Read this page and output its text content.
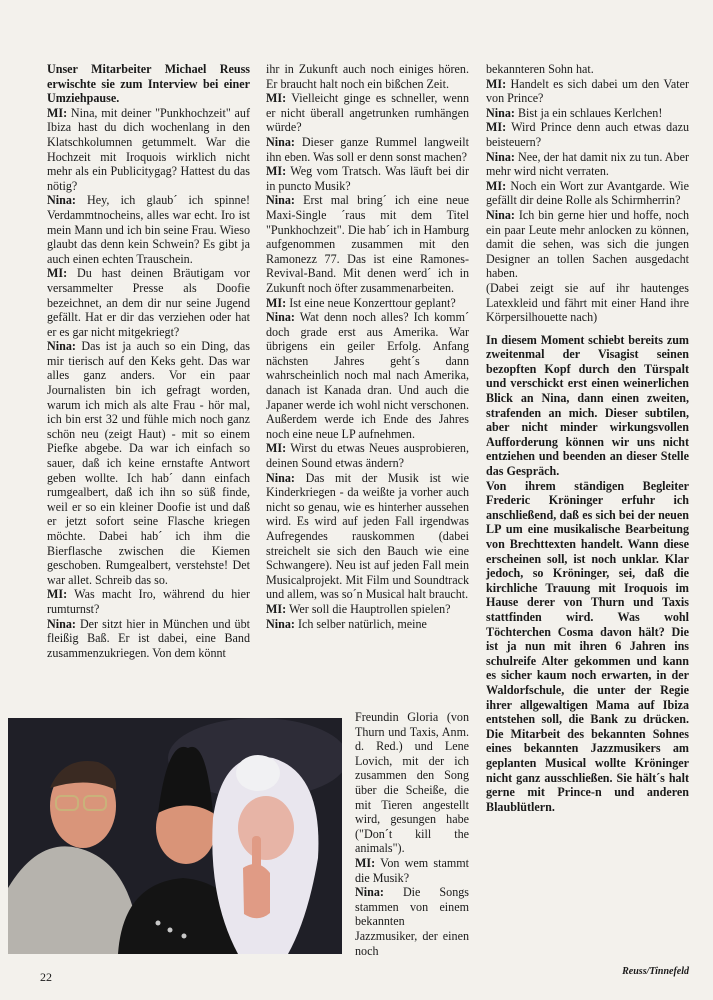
Unser Mitarbeiter Michael Reuss erwischte sie zum Interview bei einer Umziehpause.

MI: Nina, mit deiner "Punkhochzeit" auf Ibiza hast du dich wochenlang in den Klatschkolumnen getummelt. War die Hochzeit mit Iroquois wirklich nicht mehr als ein Publicitygag? Hattest du das nötig?

Nina: Hey, ich glaub´ ich spinne! Verdammtnocheins, alles war echt. Iro ist mein Mann und ich bin seine Frau. Wieso glaubt das denn kein Schwein? Es gibt ja auch einen echten Trauschein.

MI: Du hast deinen Bräutigam vor versammelter Presse als Doofie bezeichnet, an dem dir nur seine Jugend gefällt. Hat er dir das verziehen oder hat er es gar nicht mitgekriegt?

Nina: Das ist ja auch so ein Ding, das mir tierisch auf den Keks geht. Das war alles ganz anders. Vor ein paar Journalisten bin ich gefragt worden, warum ich mich als alte Frau - hör mal, ich bin erst 32 und fühle mich noch ganz schön neu (zeigt Haut) - mit so einem Piefke abgebe. Da war ich einfach so sauer, daß ich keine ernstafte Antwort geben wollte. Ich hab´ dann einfach rumgealbert, daß ich ihn so süß finde, weil er so ein kleiner Doofie ist und daß er jetzt sofort seine Flasche kriegen möchte. Dabei hab´ ich ihm die Bierflasche zwischen die Kiemen geschoben. Rumgealbert, verstehste! Det war allet. Schreib das so.

MI: Was macht Iro, während du hier rumturnst?

Nina: Der sitzt hier in München und übt fleißig Baß. Er ist dabei, eine Band zusammenzukriegen. Von dem könnt

ihr in Zukunft auch noch einiges hören. Er braucht halt noch ein bißchen Zeit.

MI: Vielleicht ginge es schneller, wenn er nicht überall angetrunken rumhängen würde?

Nina: Dieser ganze Rummel langweilt ihn eben. Was soll er denn sonst machen?

MI: Weg vom Tratsch. Was läuft bei dir in puncto Musik?

Nina: Erst mal bring´ ich eine neue Maxi-Single ´raus mit dem Titel "Punkhochzeit". Die hab´ ich in Hamburg aufgenommen zusammen mit den Ramonezz 77. Das ist eine Ramones-Revival-Band. Mit denen werd´ ich in Zukunft noch öfter zusammenarbeiten.

MI: Ist eine neue Konzerttour geplant?

Nina: Wat denn noch alles? Ich komm´ doch grade erst aus Amerika. War übrigens ein geiler Erfolg. Anfang nächsten Jahres geht´s dann wahrscheinlich noch mal nach Amerika, danach ist Kanada dran. Und auch die Japaner werde ich wohl nicht verschonen. Außerdem werde ich Ende des Jahres noch eine neue LP aufnehmen.

MI: Wirst du etwas Neues ausprobieren, deinen Sound etwas ändern?

Nina: Das mit der Musik ist wie Kinderkriegen - da weißte ja vorher auch nicht so genau, wie es hinterher aussehen wird. Es wird auf jeden Fall irgendwas Aufregendes rauskommen (dabei streichelt sie sich den Bauch wie eine Schwangere). Neu ist auf jeden Fall mein Musicalprojekt. Mit Film und Soundtrack und allem, was so´n Musical halt braucht.

MI: Wer soll die Hauptrollen spielen?

Nina: Ich selber natürlich, meine

Freundin Gloria (von Thurn und Taxis, Anm. d. Red.) und Lene Lovich, mit der ich zusammen den Song über die Scheiße, die mit Tieren angestellt wird, gesungen habe ("Don´t kill the animals").

MI: Von wem stammt die Musik?

Nina: Die Songs stammen von einem bekannten Jazzmusiker, der einen noch

bekannteren Sohn hat.

MI: Handelt es sich dabei um den Vater von Prince?

Nina: Bist ja ein schlaues Kerlchen!

MI: Wird Prince denn auch etwas dazu beisteuern?

Nina: Nee, der hat damit nix zu tun. Aber mehr wird nicht verraten.

MI: Noch ein Wort zur Avantgarde. Wie gefällt dir deine Rolle als Schirmherrin?

Nina: Ich bin gerne hier und hoffe, noch ein paar Leute mehr anlocken zu können, damit die sehen, was sich die jungen Designer an tollen Sachen ausgedacht haben.

(Dabei zeigt sie auf ihr hautenges Latexkleid und fährt mit einer Hand ihre Körpersilhouette nach)

In diesem Moment schiebt bereits zum zweitenmal der Visagist seinen bezopften Kopf durch den Türspalt und verschickt erst einen weinerlichen Blick an Nina, dann einen zweiten, strafenden an mich. Dieser subtilen, aber nicht minder wirkungsvollen Aufforderung können wir uns nicht entziehen und beenden an dieser Stelle das Gespräch.

Von ihrem ständigen Begleiter Frederic Kröninger erfuhr ich anschließend, daß es sich bei der neuen LP um eine musikalische Bearbeitung von Brechttexten handelt. Wann diese erscheinen soll, ist noch unklar. Klar jedoch, so Kröninger, sei, daß die kirchliche Trauung mit Iroquois im Hause derer von Thurn und Taxis stattfinden wird. Was wohl Töchterchen Cosma davon hält? Die ist ja nun mit ihren 6 Jahren ins schulreife Alter gekommen und kann es sicher kaum noch erwarten, in der Waldorfschule, die unter der Regie ihrer allgewaltigen Mama auf Ibiza entstehen soll, die Bank zu drücken. Die Mitarbeit des bekannten Sohnes eines bekannten Jazzmusikers am geplanten Musical wollte Kröninger nicht ganz ausschließen. Sie hält´s halt gerne mit Prince-n und anderen Blaublütlern.

Reuss/Tinnefeld
22
